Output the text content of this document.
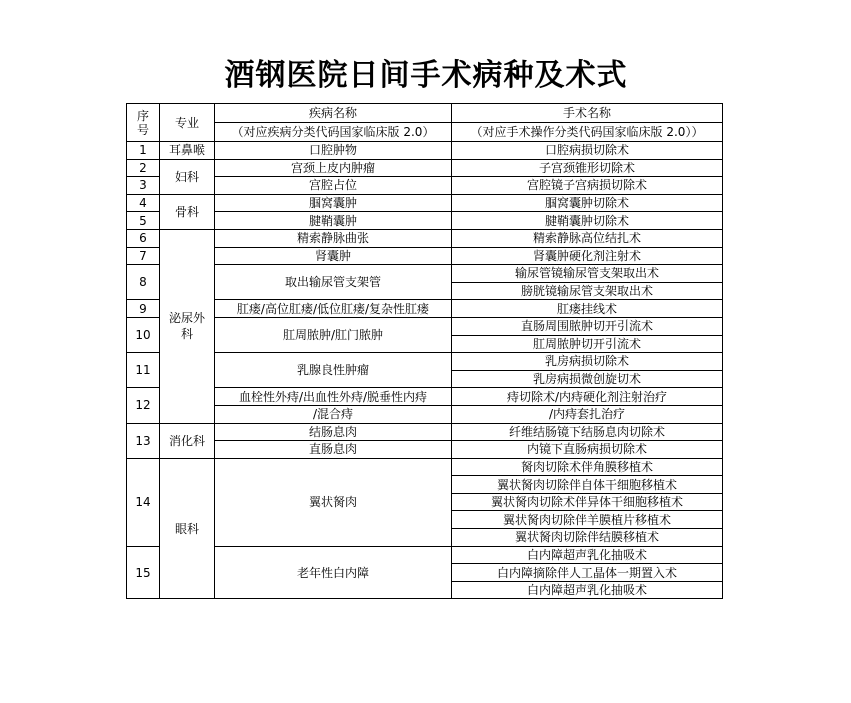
酒钢医院日间手术病种及术式
序
号	专业	疾病名称	手术名称
		（对应疾病分类代码国家临床版 2.0）	（对应手术操作分类代码国家临床版 2.0））
1	耳鼻喉	口腔肿物	口腔病损切除术
2	妇科	宫颈上皮内肿瘤	子宫颈锥形切除术
3		宫腔占位	宫腔镜子宫病损切除术
4	骨科	腘窝囊肿	腘窝囊肿切除术
5		腱鞘囊肿	腱鞘囊肿切除术
6	泌尿外科	精索静脉曲张	精索静脉高位结扎术
7		肾囊肿	肾囊肿硬化剂注射术
8		取出输尿管支架管	输尿管镜输尿管支架取出术
			膀胱镜输尿管支架取出术
9		肛瘘/高位肛瘘/低位肛瘘/复杂性肛瘘	肛瘘挂线术
10		肛周脓肿/肛门脓肿	直肠周围脓肿切开引流术
			肛周脓肿切开引流术
11		乳腺良性肿瘤	乳房病损切除术
			乳房病损微创旋切术
12		血栓性外痔/出血性外痔/脱垂性内痔	痔切除术/内痔硬化剂注射治疗
		/混合痔	/内痔套扎治疗
13	消化科	结肠息肉	纤维结肠镜下结肠息肉切除术
		直肠息肉	内镜下直肠病损切除术
14	眼科	翼状胬肉	胬肉切除术伴角膜移植术
			翼状胬肉切除伴自体干细胞移植术
			翼状胬肉切除术伴异体干细胞移植术
			翼状胬肉切除伴羊膜植片移植术
			翼状胬肉切除伴结膜移植术
15		老年性白内障	白内障超声乳化抽吸术
			白内障摘除伴人工晶体一期置入术
			白内障超声乳化抽吸术
